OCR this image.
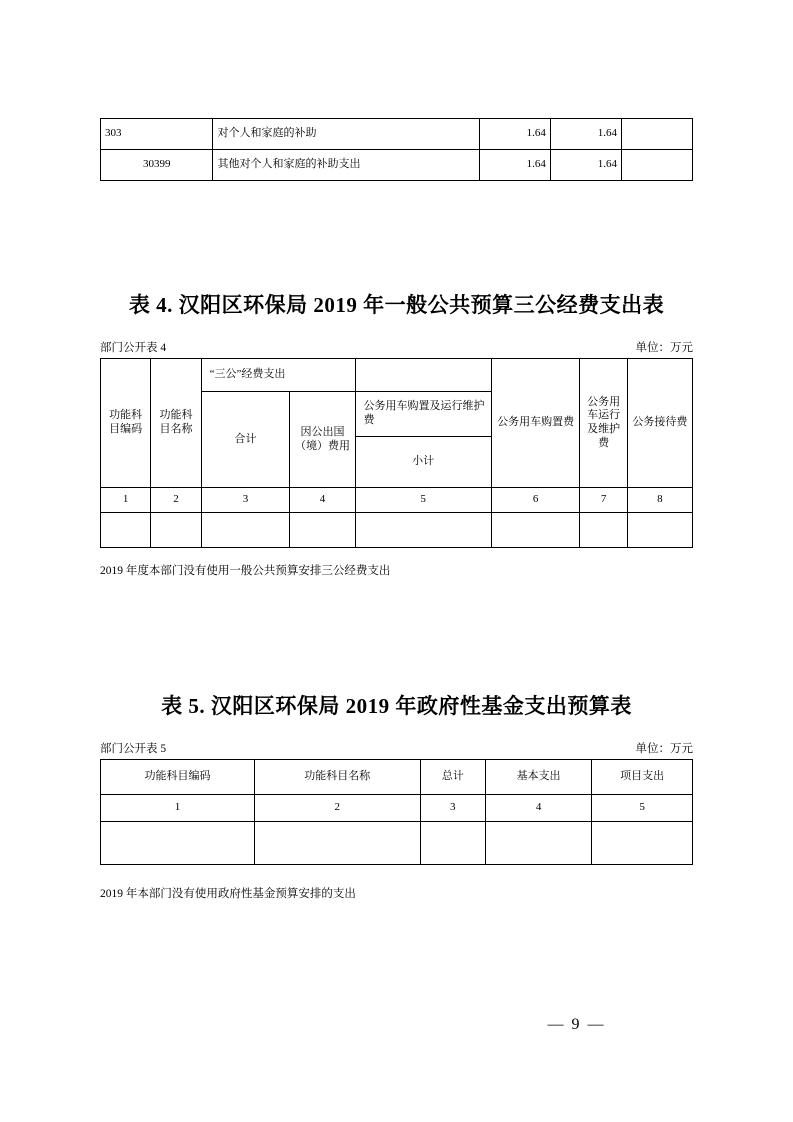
303	对个人和家庭的补助	1.64	1.64	
30399	其他对个人和家庭的补助支出	1.64	1.64	
表 4. 汉阳区环保局 2019 年一般公共预算三公经费支出表
部门公开表 4	单位：万元
功能科目编码	功能科目名称	“三公”经费支出			公务用车购置费	公务用车运行及维护费	公务接待费
		合计	因公出国（境）费用				
				公务用车购置及运行维护费			
				小计			
1	2	3	4	5	6	7	8

2019 年度本部门没有使用一般公共预算安排三公经费支出
表 5. 汉阳区环保局 2019 年政府性基金支出预算表
部门公开表 5	单位：万元
功能科目编码	功能科目名称	总计	基本支出	项目支出
1	2	3	4	5

2019 年本部门没有使用政府性基金预算安排的支出
— 9 —
